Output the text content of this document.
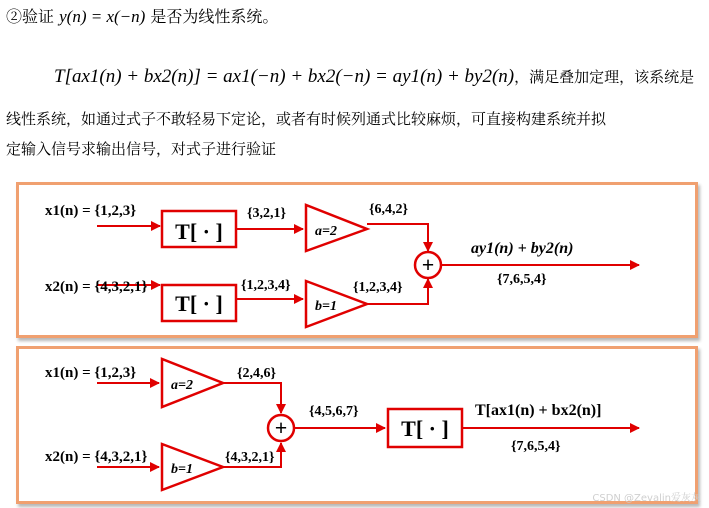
②验证 y(n) = x(−n) 是否为线性系统。
T[ax1(n) + bx2(n)] = ax1(−n) + bx2(−n) = ay1(n) + by2(n)，满足叠加定理，该系统是
线性系统，如通过式子不敢轻易下定论，或者有时候列通式比较麻烦，可直接构建系统并拟
定输入信号求输出信号，对式子进行验证
+
x1(n) = {1,2,3}
x2(n) = {4,3,2,1}
T[ · ]
T[ · ]
{3,2,1}
{1,2,3,4}
a=2
b=1
{6,4,2}
{1,2,3,4}
ay1(n) + by2(n)
{7,6,5,4}
+
x1(n) = {1,2,3}
x2(n) = {4,3,2,1}
a=2
b=1
{2,4,6}
{4,3,2,1}
{4,5,6,7}
T[ · ]
T[ax1(n) + bx2(n)]
{7,6,5,4}
CSDN @Zevalin爱灰灰
